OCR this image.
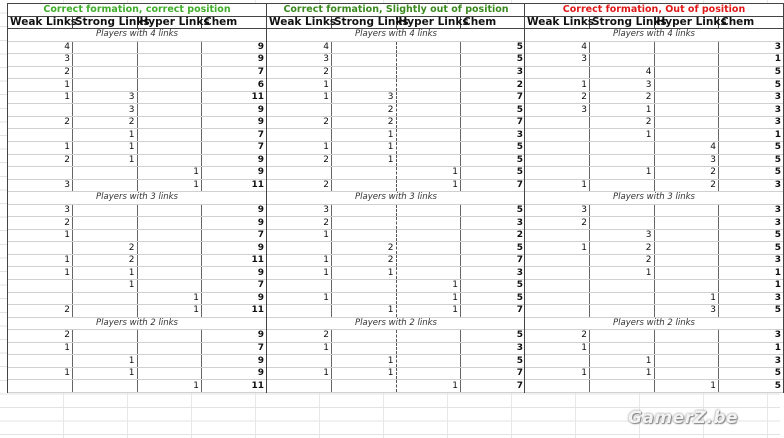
Correct formation, correct position			
Weak Links	Strong Links	Hyper Links	Chem
Players with 4 links			
4			9
3			9
2			7
1			6
1	3		11
	3		9
2	2		9
	1		7
1	1		7
2	1		9
		1	9
3		1	11
Players with 3 links			
3			9
2			9
1			7
	2		9
1	2		11
1	1		9
	1		7
		1	9
2		1	11
Players with 2 links			
2			9
1			7
	1		9
1	1		9
		1	11
Correct formation, Slightly out of position			
Weak Links	Strong Links	Hyper Links	Chem
Players with 4 links			
4			5
3			5
2			3
1			2
1	3		7
	2		5
2	2		7
	1		3
1	1		5
2	1		5
		1	5
2		1	7
Players with 3 links			
3			5
2			3
1			2
	2		5
1	2		7
1	1		3
		1	5
1		1	5
	1	1	7
Players with 2 links			
2			5
1			3
	1		5
1	1		7
		1	7
Correct formation, Out of position			
Weak Links	Strong Links	Hyper Links	Chem
Players with 4 links			
4			3
3			1
	4		5
1	3		5
2	2		3
3	1		3
	2		3
	1		1
		4	5
		3	5
	1	2	5
1		2	3
Players with 3 links			
3			3
2			3
	3		5
1	2		5
	2		3
	1		1
			1
		1	3
		3	5
Players with 2 links			
2			3
1			1
	1		3
1	1		5
		1	5
GamerZ.be
